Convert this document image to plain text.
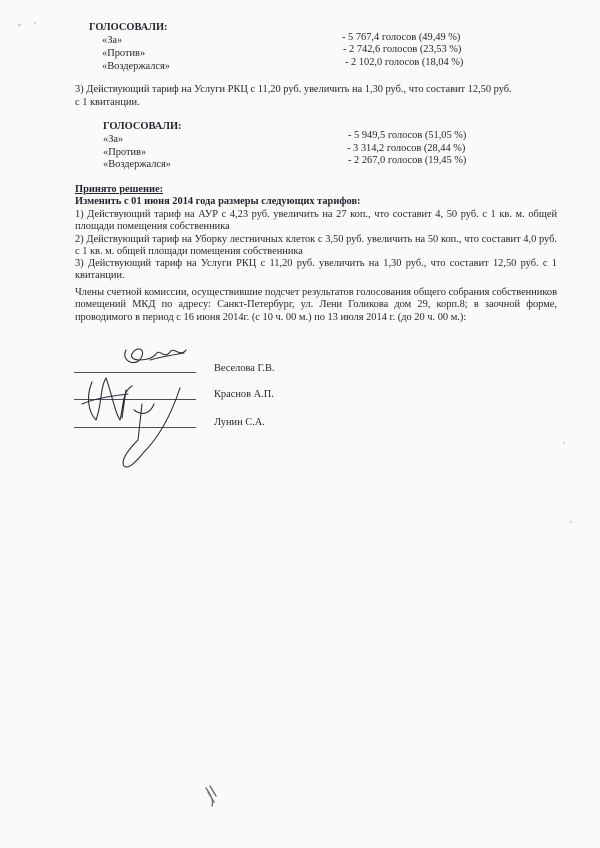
ГОЛОСОВАЛИ:
«За»	- 5 767,4 голосов (49,49 %)
«Против»	- 2 742,6 голосов (23,53 %)
«Воздержался»	- 2 102,0 голосов (18,04 %)
3) Действующий тариф на Услуги РКЦ с 11,20 руб. увеличить на 1,30 руб., что составит 12,50 руб.
с 1 квитанции.
ГОЛОСОВАЛИ:
«За»	- 5 949,5 голосов (51,05 %)
«Против»	- 3 314,2 голосов (28,44 %)
«Воздержался»	- 2 267,0 голосов (19,45 %)
Принято решение:
Изменить с 01 июня 2014 года размеры следующих тарифов:
1) Действующий тариф на АУР с 4,23 руб. увеличить на 27 коп., что составит 4, 50 руб. с 1 кв. м. общей площади помещения собственника
2) Действующий тариф на Уборку лестничных клеток с 3,50 руб. увеличить на 50 коп., что составит 4,0 руб. с 1 кв. м. общей площади помещения собственника
3) Действующий тариф на Услуги РКЦ с 11,20 руб. увеличить на 1,30 руб., что составит 12,50 руб. с 1 квитанции.
Члены счетной комиссии, осуществившие подсчет результатов голосования общего собрания собственников помещений МКД по адресу: Санкт-Петербург, ул. Лени Голикова дом 29, корп.8; в заочной форме, проводимого в период с 16 июня 2014г. (с 10 ч. 00 м.) по 13 июля 2014 г. (до 20 ч. 00 м.):
Веселова Г.В.
Краснов А.П.
Лунин С.А.
